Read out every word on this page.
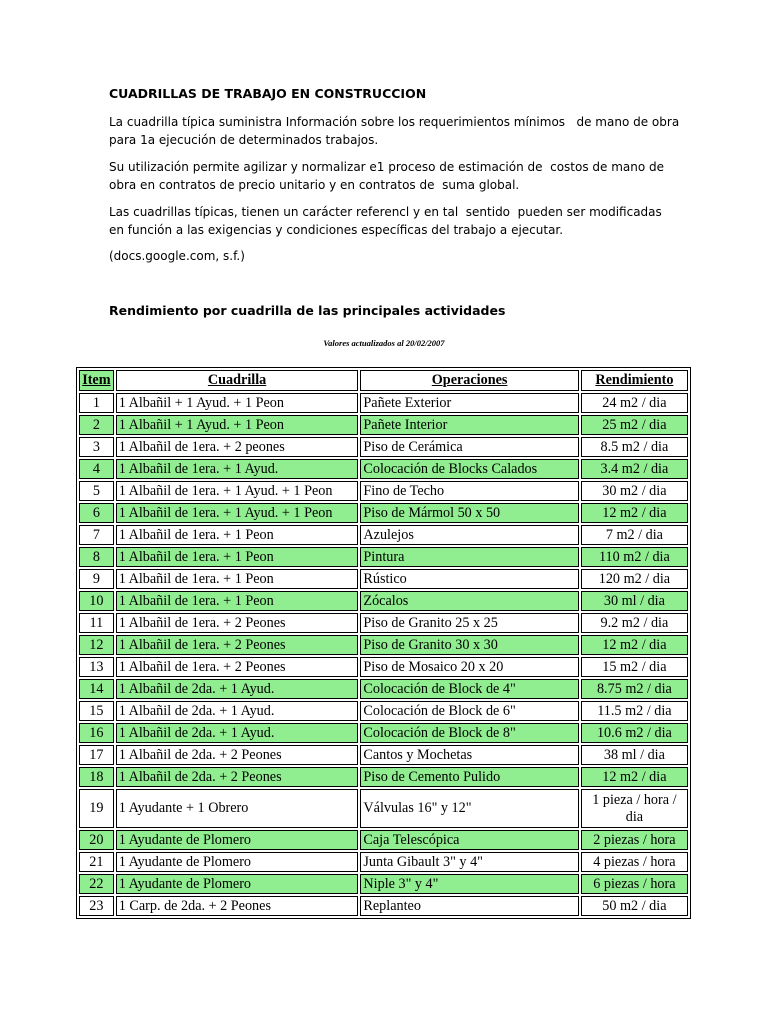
CUADRILLAS DE TRABAJO EN CONSTRUCCION
La cuadrilla típica suministra Información sobre los requerimientos mínimos   de mano de obra
para 1a ejecución de determinados trabajos.
Su utilización permite agilizar y normalizar e1 proceso de estimación de  costos de mano de
obra en contratos de precio unitario y en contratos de  suma global.
Las cuadrillas típicas, tienen un carácter referencl y en tal  sentido  pueden ser modificadas
en función a las exigencias y condiciones específicas del trabajo a ejecutar.
(docs.google.com, s.f.)
Rendimiento por cuadrilla de las principales actividades
Valores actualizados al 20/02/2007
Item	Cuadrilla	Operaciones	Rendimiento
1	1 Albañil + 1 Ayud. + 1 Peon	Pañete Exterior	24 m2 / dia
2	1 Albañil + 1 Ayud. + 1 Peon	Pañete Interior	25 m2 / dia
3	1 Albañil de 1era. + 2 peones	Piso de Cerámica	8.5 m2 / dia
4	1 Albañil de 1era. + 1 Ayud.	Colocación de Blocks Calados	3.4 m2 / dia
5	1 Albañil de 1era. + 1 Ayud. + 1 Peon	Fino de Techo	30 m2 / dia
6	1 Albañil de 1era. + 1 Ayud. + 1 Peon	Piso de Mármol 50 x 50	12 m2 / dia
7	1 Albañil de 1era. + 1 Peon	Azulejos	7 m2 / dia
8	1 Albañil de 1era. + 1 Peon	Pintura	110 m2 / dia
9	1 Albañil de 1era. + 1 Peon	Rústico	120 m2 / dia
10	1 Albañil de 1era. + 1 Peon	Zócalos	30 ml / dia
11	1 Albañil de 1era. + 2 Peones	Piso de Granito 25 x 25	9.2 m2 / dia
12	1 Albañil de 1era. + 2 Peones	Piso de Granito 30 x 30	12 m2 / dia
13	1 Albañil de 1era. + 2 Peones	Piso de Mosaico 20 x 20	15 m2 / dia
14	1 Albañil de 2da. + 1 Ayud.	Colocación de Block de 4"	8.75 m2 / dia
15	1 Albañil de 2da. + 1 Ayud.	Colocación de Block de 6"	11.5 m2 / dia
16	1 Albañil de 2da. + 1 Ayud.	Colocación de Block de 8"	10.6 m2 / dia
17	1 Albañil de 2da. + 2 Peones	Cantos y Mochetas	38 ml / dia
18	1 Albañil de 2da. + 2 Peones	Piso de Cemento Pulido	12 m2 / dia
19	1 Ayudante + 1 Obrero	Válvulas 16" y 12"	1 pieza / hora / dia
20	1 Ayudante de Plomero	Caja Telescópica	2 piezas / hora
21	1 Ayudante de Plomero	Junta Gibault 3" y 4"	4 piezas / hora
22	1 Ayudante de Plomero	Niple 3" y 4"	6 piezas / hora
23	1 Carp. de 2da. + 2 Peones	Replanteo	50 m2 / dia
